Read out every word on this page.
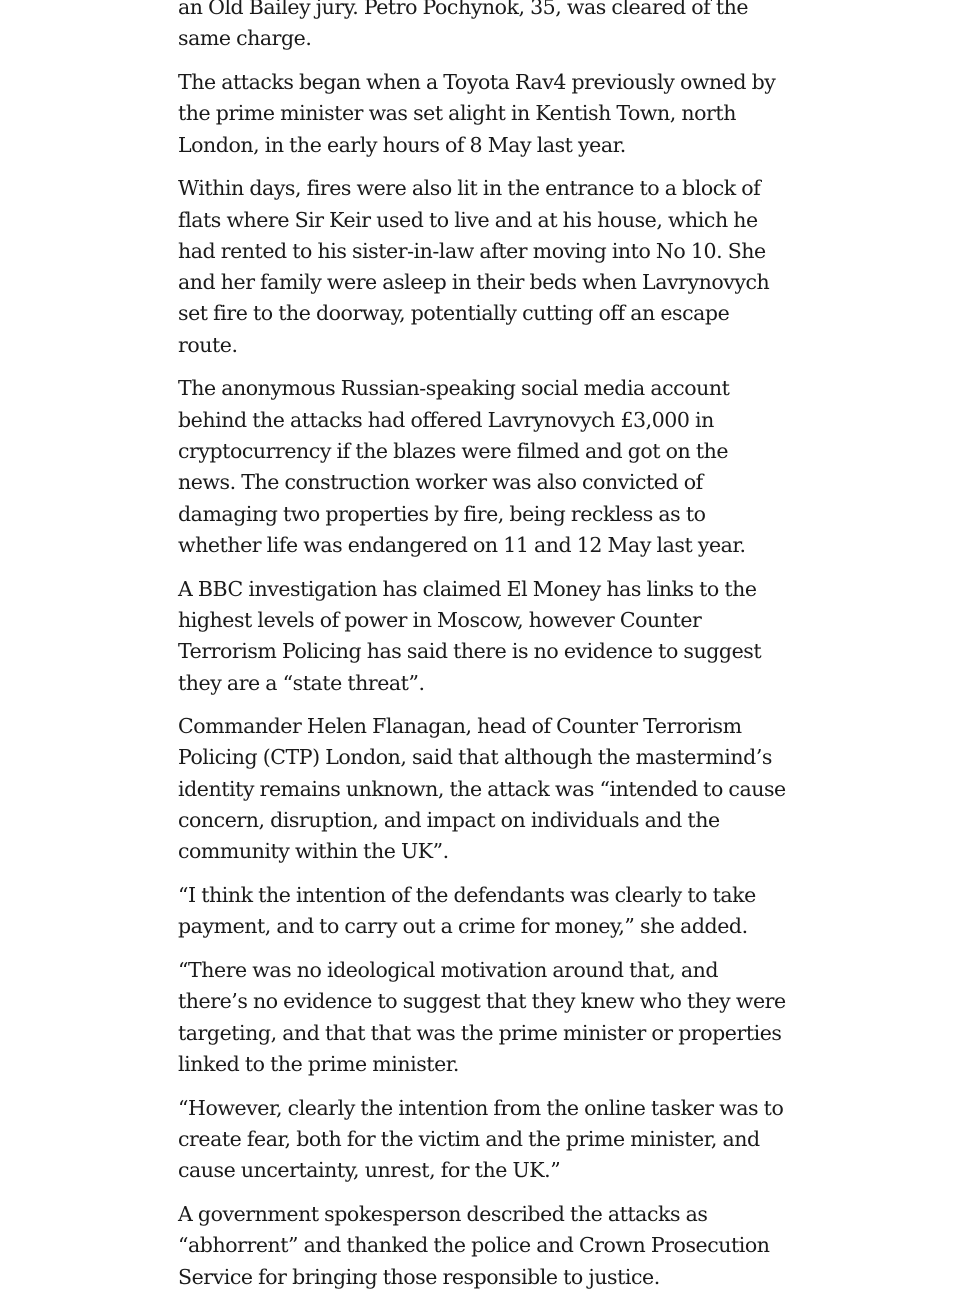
an Old Bailey jury. Petro Pochynok, 35, was cleared of the same charge.

The attacks began when a Toyota Rav4 previously owned by the prime minister was set alight in Kentish Town, north London, in the early hours of 8 May last year.

Within days, fires were also lit in the entrance to a block of flats where Sir Keir used to live and at his house, which he had rented to his sister-in-law after moving into No 10. She and her family were asleep in their beds when Lavrynovych set fire to the doorway, potentially cutting off an escape route.

The anonymous Russian-speaking social media account behind the attacks had offered Lavrynovych £3,000 in cryptocurrency if the blazes were filmed and got on the news. The construction worker was also convicted of damaging two properties by fire, being reckless as to whether life was endangered on 11 and 12 May last year.

A BBC investigation has claimed El Money has links to the highest levels of power in Moscow, however Counter Terrorism Policing has said there is no evidence to suggest they are a “state threat”.

Commander Helen Flanagan, head of Counter Terrorism Policing (CTP) London, said that although the mastermind’s identity remains unknown, the attack was “intended to cause concern, disruption, and impact on individuals and the community within the UK”.

“I think the intention of the defendants was clearly to take payment, and to carry out a crime for money,” she added.

“There was no ideological motivation around that, and there’s no evidence to suggest that they knew who they were targeting, and that that was the prime minister or properties linked to the prime minister.

“However, clearly the intention from the online tasker was to create fear, both for the victim and the prime minister, and cause uncertainty, unrest, for the UK.”

A government spokesperson described the attacks as “abhorrent” and thanked the police and Crown Prosecution Service for bringing those responsible to justice.
